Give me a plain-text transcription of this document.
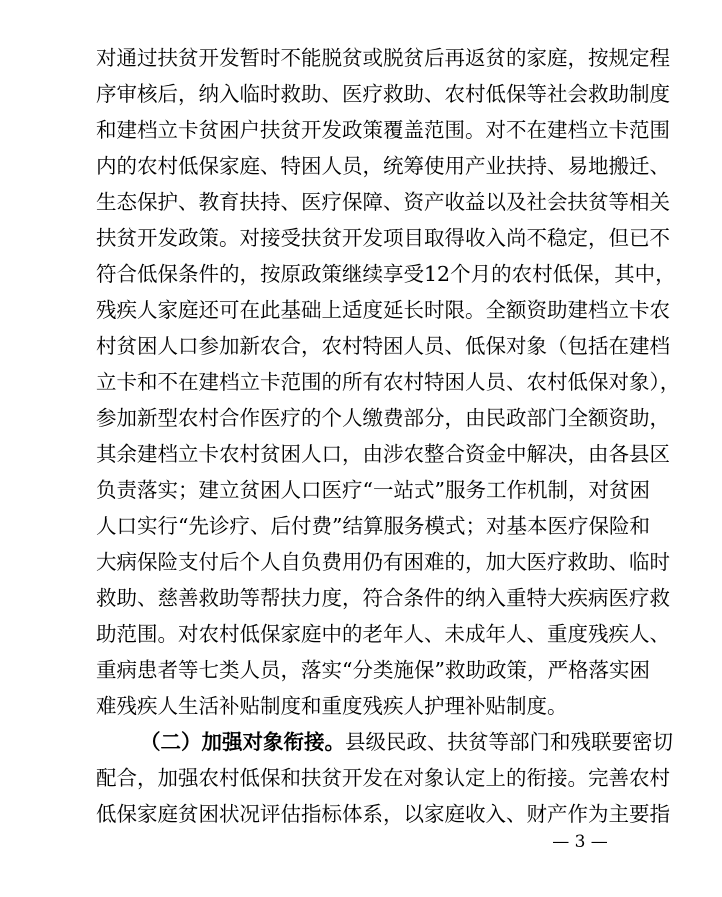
对通过扶贫开发暂时不能脱贫或脱贫后再返贫的家庭，按规定程
序审核后，纳入临时救助、医疗救助、农村低保等社会救助制度
和建档立卡贫困户扶贫开发政策覆盖范围。对不在建档立卡范围
内的农村低保家庭、特困人员，统筹使用产业扶持、易地搬迁、
生态保护、教育扶持、医疗保障、资产收益以及社会扶贫等相关
扶贫开发政策。对接受扶贫开发项目取得收入尚不稳定，但已不
符合低保条件的，按原政策继续享受12个月的农村低保，其中，
残疾人家庭还可在此基础上适度延长时限。全额资助建档立卡农
村贫困人口参加新农合，农村特困人员、低保对象（包括在建档
立卡和不在建档立卡范围的所有农村特困人员、农村低保对象），
参加新型农村合作医疗的个人缴费部分，由民政部门全额资助，
其余建档立卡农村贫困人口，由涉农整合资金中解决，由各县区
负责落实；建立贫困人口医疗“一站式”服务工作机制，对贫困
人口实行“先诊疗、后付费”结算服务模式；对基本医疗保险和
大病保险支付后个人自负费用仍有困难的，加大医疗救助、临时
救助、慈善救助等帮扶力度，符合条件的纳入重特大疾病医疗救
助范围。对农村低保家庭中的老年人、未成年人、重度残疾人、
重病患者等七类人员，落实“分类施保”救助政策，严格落实困
难残疾人生活补贴制度和重度残疾人护理补贴制度。
（二）加强对象衔接。县级民政、扶贫等部门和残联要密切
配合，加强农村低保和扶贫开发在对象认定上的衔接。完善农村
低保家庭贫困状况评估指标体系，以家庭收入、财产作为主要指
— 3 —
